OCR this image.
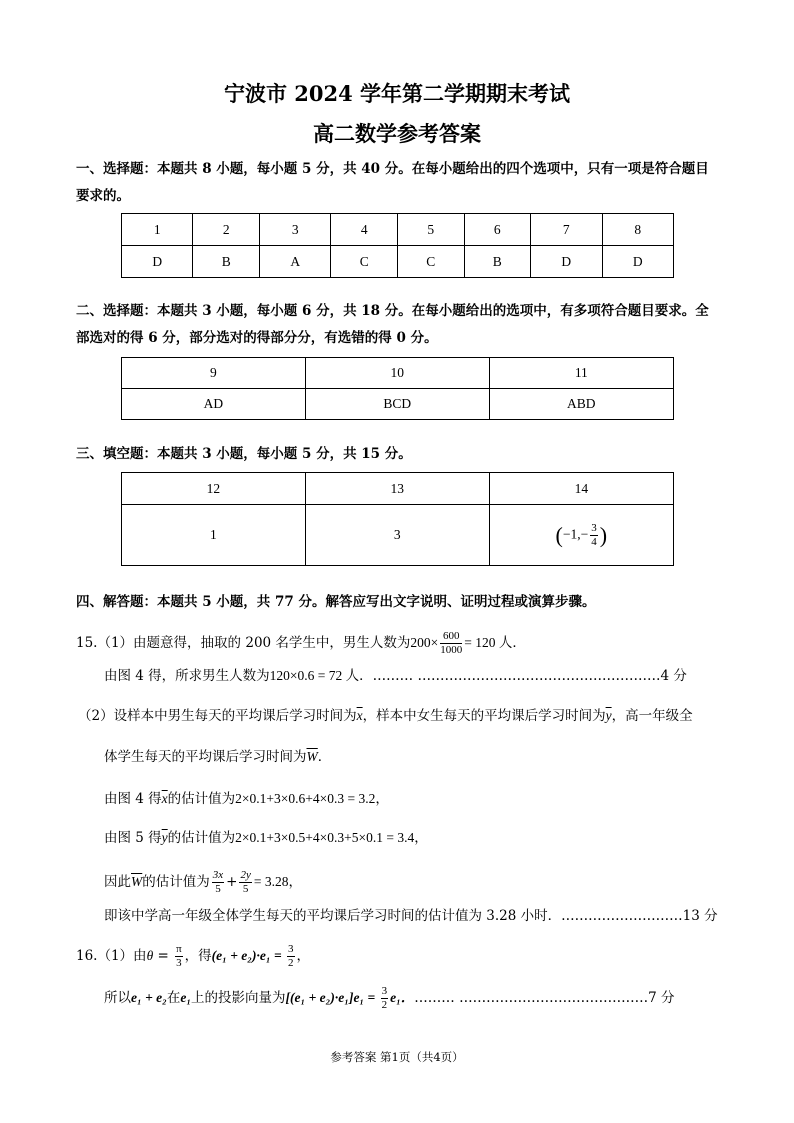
宁波市 2024 学年第二学期期末考试
高二数学参考答案
一、选择题：本题共 8 小题，每小题 5 分，共 40 分。在每小题给出的四个选项中，只有一项是符合题目要求的。
1	2	3	4	5	6	7	8
D	B	A	C	C	B	D	D
二、选择题：本题共 3 小题，每小题 6 分，共 18 分。在每小题给出的选项中，有多项符合题目要求。全部选对的得 6 分，部分选对的得部分分，有选错的得 0 分。
9	10	11
AD	BCD	ABD
三、填空题：本题共 3 小题，每小题 5 分，共 15 分。
12	13	14
1	3	($-1,- \frac{3}{4}$ )
四、解答题：本题共 5 小题，共 77 分。解答应写出文字说明、证明过程或演算步骤。
15.（1）由题意得，抽取的 200 名学生中，男生人数为$200\times \frac{600}{1000} = 120$ 人．
由图 4 得，所求男生人数为120×0.6 = 72 人．……… ………………………………………………4 分
（2）设样本中男生每天的平均课后学习时间为$\overline{x}$，样本中女生每天的平均课后学习时间为$\overline{y}$，高一年级全
体学生每天的平均课后学习时间为$\overline{W}$．
由图 4 得$\overline{x}$的估计值为2×0.1+3×0.6+4×0.3 = 3.2，
由图 5 得$\overline{y}$的估计值为2×0.1+3×0.5+4×0.3+5×0.1 = 3.4，
因此$\overline{W}$的估计值为 $\frac{3x}{5} + \frac{2y}{5} = 3.28$，
即该中学高一年级全体学生每天的平均课后学习时间的估计值为 3.28 小时．………………………13 分
16.（1）由$\theta = \frac{\pi}{3}$ ，得$(e_1 + e_2)\cdot e_1 = \frac{3}{2}$ ，
所以e₁ + e₂在e₁上的投影向量为$[(e_1 + e_2)\cdot e_1]e_1 = \frac{3}{2} e_1$．……… ……………………………………7 分
参考答案 第1页（共4页）
